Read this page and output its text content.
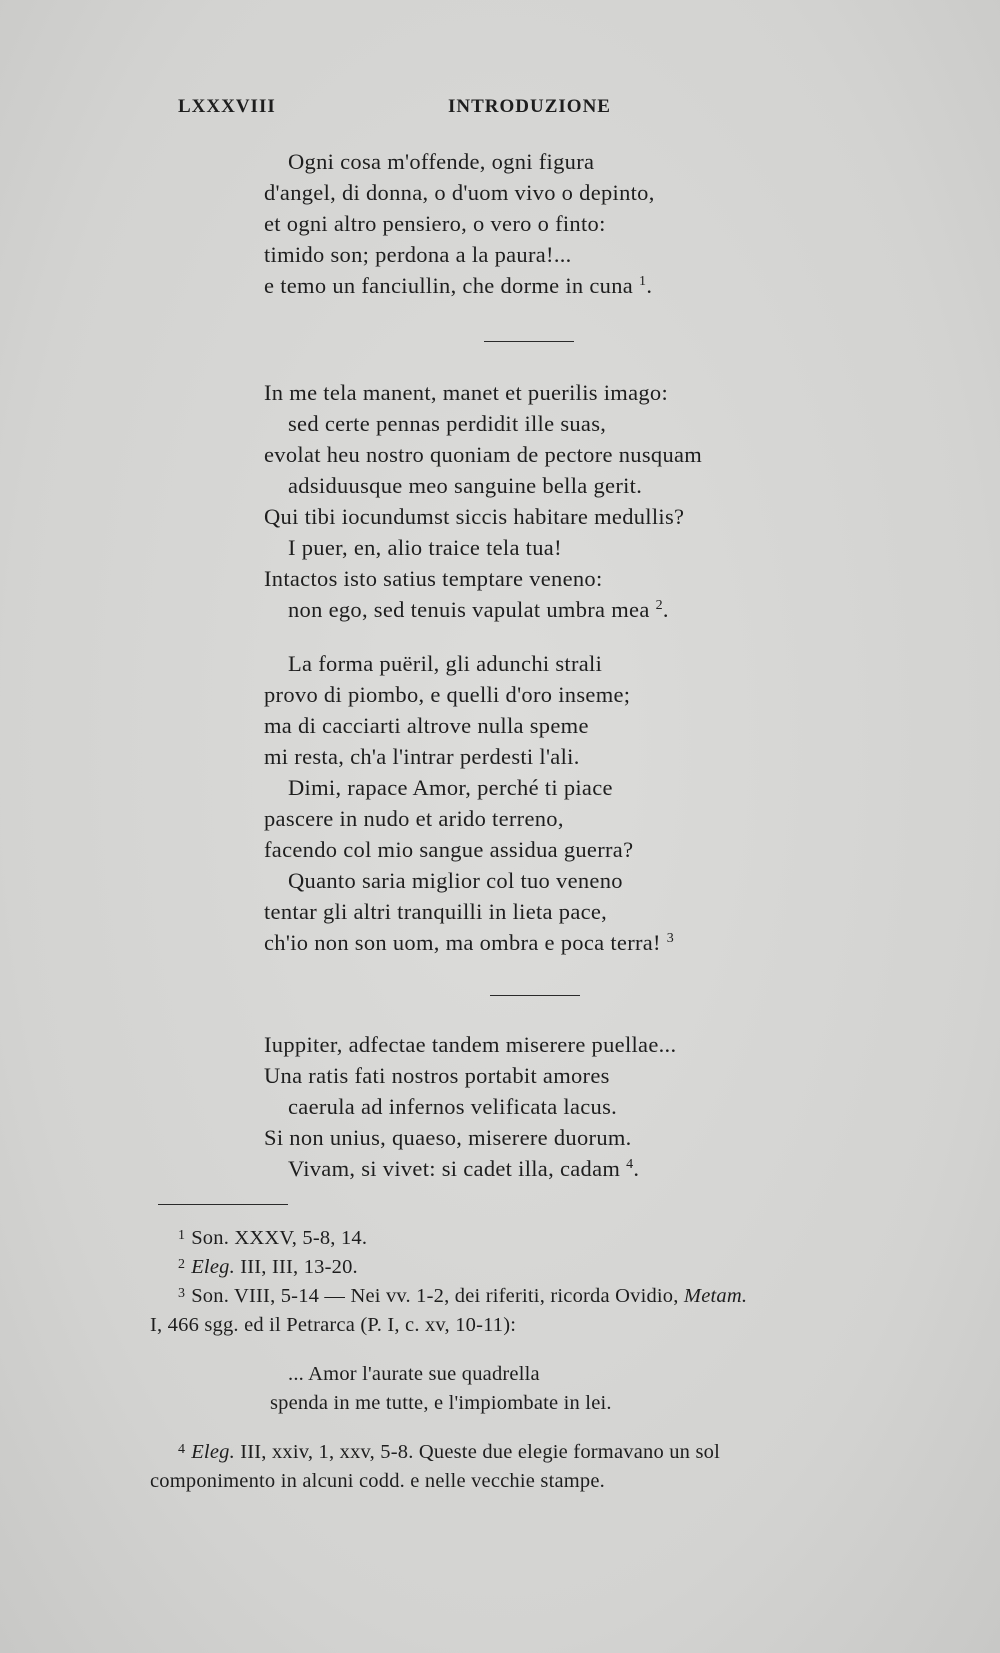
LXXXVIII	INTRODUZIONE
Ogni cosa m'offende, ogni figura
d'angel, di donna, o d'uom vivo o depinto,
et ogni altro pensiero, o vero o finto:
timido son; perdona a la paura!...
e temo un fanciullin, che dorme in cuna $^1$.
In me tela manent, manet et puerilis imago:
sed certe pennas perdidit ille suas,
evolat heu nostro quoniam de pectore nusquam
adsiduusque meo sanguine bella gerit.
Qui tibi iocundumst siccis habitare medullis?
I puer, en, alio traice tela tua!
Intactos isto satius temptare veneno:
non ego, sed tenuis vapulat umbra mea $^2$.
La forma puëril, gli adunchi strali
provo di piombo, e quelli d'oro inseme;
ma di cacciarti altrove nulla speme
mi resta, ch'a l'intrar perdesti l'ali.
Dimi, rapace Amor, perché ti piace
pascere in nudo et arido terreno,
facendo col mio sangue assidua guerra?
Quanto saria miglior col tuo veneno
tentar gli altri tranquilli in lieta pace,
ch'io non son uom, ma ombra e poca terra! $^3$
Iuppiter, adfectae tandem miserere puellae...
Una ratis fati nostros portabit amores
caerula ad infernos velificata lacus.
Si non unius, quaeso, miserere duorum.
Vivam, si vivet: si cadet illa, cadam $^4$.
$^1$ Son. XXXV, 5-8, 14.
$^2$ Eleg. III, III, 13-20.
$^3$ Son. VIII, 5-14 — Nei vv. 1-2, dei riferiti, ricorda Ovidio, Metam.
I, 466 sgg. ed il Petrarca (P. I, c. xv, 10-11):
... Amor l'aurate sue quadrella
spenda in me tutte, e l'impiombate in lei.
$^4$ Eleg. III, xxiv, 1, xxv, 5-8. Queste due elegie formavano un sol
componimento in alcuni codd. e nelle vecchie stampe.
